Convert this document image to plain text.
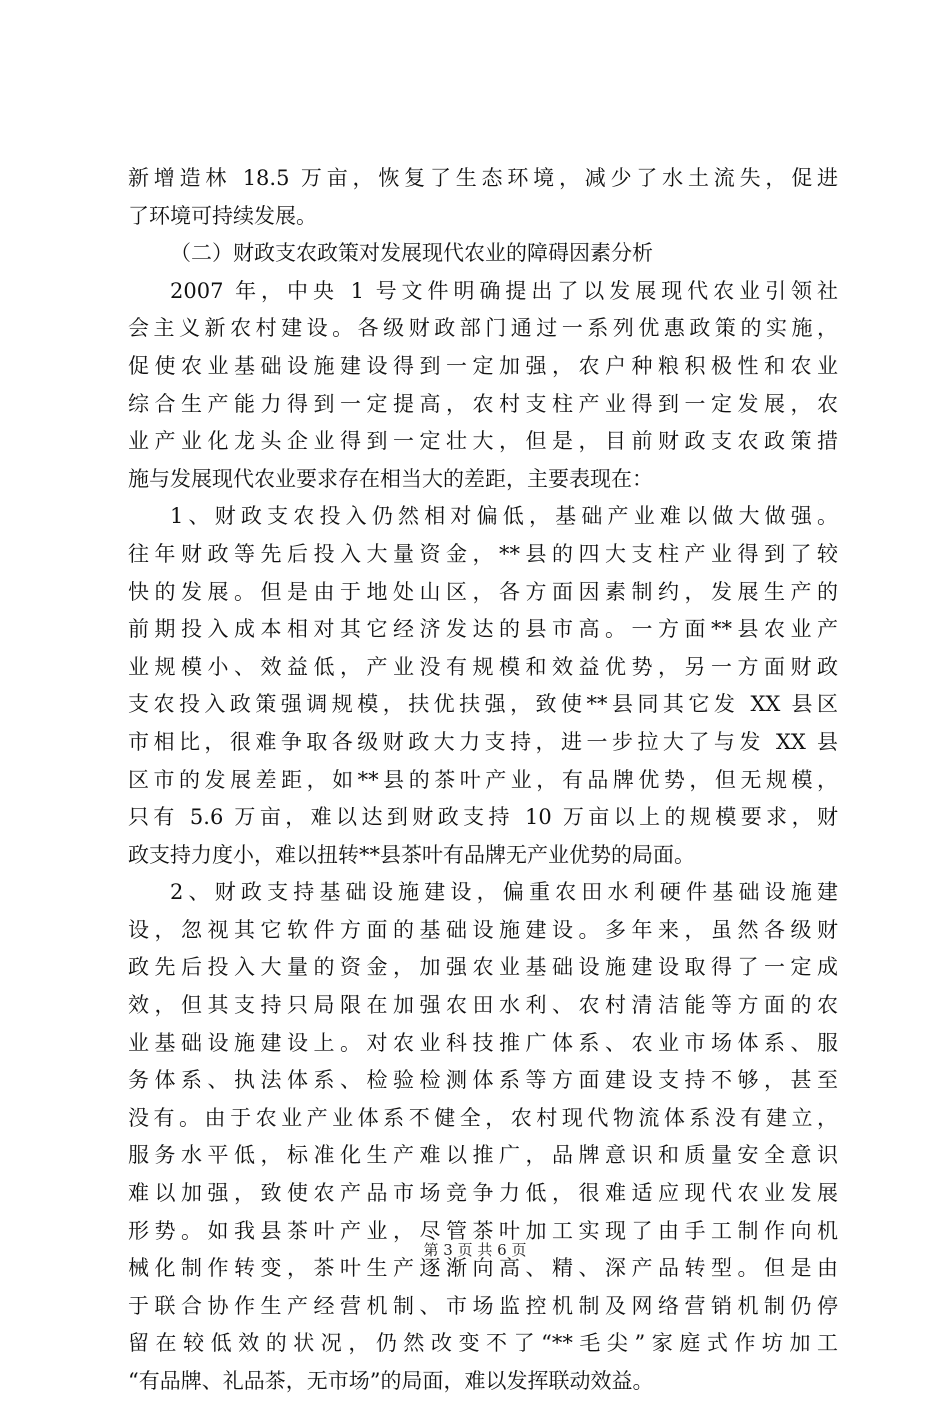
新增造林 18.5 万亩，恢复了生态环境，减少了水土流失，促进
了环境可持续发展。
（二）财政支农政策对发展现代农业的障碍因素分析
2007 年，中央 1 号文件明确提出了以发展现代农业引领社
会主义新农村建设。各级财政部门通过一系列优惠政策的实施，
促使农业基础设施建设得到一定加强，农户种粮积极性和农业
综合生产能力得到一定提高，农村支柱产业得到一定发展，农
业产业化龙头企业得到一定壮大，但是，目前财政支农政策措
施与发展现代农业要求存在相当大的差距，主要表现在：
1、财政支农投入仍然相对偏低，基础产业难以做大做强。
往年财政等先后投入大量资金，**县的四大支柱产业得到了较
快的发展。但是由于地处山区，各方面因素制约，发展生产的
前期投入成本相对其它经济发达的县市高。一方面**县农业产
业规模小、效益低，产业没有规模和效益优势，另一方面财政
支农投入政策强调规模，扶优扶强，致使**县同其它发 XX 县区
市相比，很难争取各级财政大力支持，进一步拉大了与发 XX 县
区市的发展差距，如**县的茶叶产业，有品牌优势，但无规模，
只有 5.6 万亩，难以达到财政支持 10 万亩以上的规模要求，财
政支持力度小，难以扭转**县茶叶有品牌无产业优势的局面。
2、财政支持基础设施建设，偏重农田水利硬件基础设施建
设，忽视其它软件方面的基础设施建设。多年来，虽然各级财
政先后投入大量的资金，加强农业基础设施建设取得了一定成
效，但其支持只局限在加强农田水利、农村清洁能等方面的农
业基础设施建设上。对农业科技推广体系、农业市场体系、服
务体系、执法体系、检验检测体系等方面建设支持不够，甚至
没有。由于农业产业体系不健全，农村现代物流体系没有建立，
服务水平低，标准化生产难以推广，品牌意识和质量安全意识
难以加强，致使农产品市场竞争力低，很难适应现代农业发展
形势。如我县茶叶产业，尽管茶叶加工实现了由手工制作向机
械化制作转变，茶叶生产逐渐向高、精、深产品转型。但是由
于联合协作生产经营机制、市场监控机制及网络营销机制仍停
留在较低效的状况，仍然改变不了“**毛尖”家庭式作坊加工
“有品牌、礼品茶，无市场”的局面，难以发挥联动效益。
第 3 页 共 6 页
